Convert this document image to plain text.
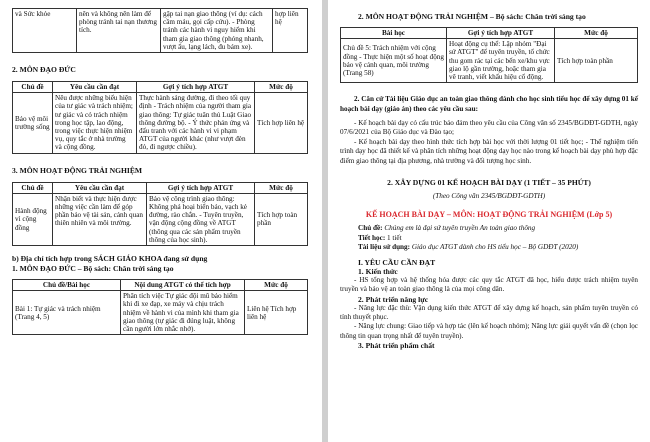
và Sức khỏe	nên và không nên làm để phòng tránh tai nạn thương tích.	gặp tai nạn giao thông (ví dụ: cách cầm máu, gọi cấp cứu). - Phòng tránh các hành vi nguy hiểm khi tham gia giao thông (phóng nhanh, vượt ẩu, lạng lách, đu bám xe).	hợp liên hệ
2. MÔN ĐẠO ĐỨC
Chủ đề	Yêu cầu cần đạt	Gợi ý tích hợp ATGT	Mức độ
Bảo vệ môi trường sống	Nêu được những biểu hiện của tư giác và trách nhiệm; tư giác và có trách nhiệm trong học tập, lao động, trong việc thực hiện nhiệm vụ, quy tắc ở nhà trường và cộng đồng.	Thực hành sáng đường, đi theo tối quy định - Trách nhiệm của người tham gia giao thông: Tự giác tuân thủ Luật Giao thông đường bộ. - Ý thức phản ứng và đấu tranh với các hành vi vi phạm ATGT của người khác (như vượt đèn đỏ, đi ngược chiều).	Tích hợp liên hệ
3. MÔN HOẠT ĐỘNG TRẢI NGHIỆM
Chủ đề	Yêu cầu cần đạt	Gợi ý tích hợp ATGT	Mức độ
Hành động vì cộng đồng	Nhận biết và thực hiện được những việc cần làm để góp phần bảo vệ tài sản, cảnh quan thiên nhiên và môi trường.	Bảo vệ công trình giao thông: Không phá hoại biển báo, vạch kẻ đường, rào chắn. - Tuyên truyền, vận động cộng đồng về ATGT (thông qua các sản phẩm truyền thông của học sinh).	Tích hợp toàn phần
b) Địa chỉ tích hợp trong SÁCH GIÁO KHOA đang sử dụng
1. MÔN ĐẠO ĐỨC – Bộ sách: Chân trời sáng tạo
Chủ đề/Bài học	Nội dung ATGT có thể tích hợp	Mức độ
Bài 1: Tự giác và trách nhiệm (Trang 4, 5)	Phân tích việc Tự giác đội mũ bảo hiểm khi đi xe đạp, xe máy và chịu trách nhiệm về hành vi của mình khi tham gia giao thông (tự giác đi đúng luật, không cần người lớn nhắc nhở).	Liên hệ Tích hợp liên hệ
2. MÔN HOẠT ĐỘNG TRẢI NGHIỆM – Bộ sách: Chân trời sáng tạo
Bài học	Gợi ý tích hợp ATGT	Mức độ
Chủ đề 5: Trách nhiệm với cộng đồng - Thực hiện một số hoạt động bảo vệ cảnh quan, môi trường (Trang 58)	Hoạt động cụ thể: Lập nhóm "Đại sứ ATGT" để tuyên truyền, tổ chức thu gom rác tại các bến xe/khu vực giao lộ gần trường, hoặc tham gia vẽ tranh, viết khẩu hiệu cổ động.	Tích hợp toàn phần
2. Căn cứ Tài liệu Giáo dục an toàn giao thông dành cho học sinh tiểu học để xây dựng 01 kế hoạch bài dạy (giáo án) theo các yêu cầu sau:
- Kế hoạch bài dạy có cấu trúc bảo đảm theo yêu cầu của Công văn số 2345/BGDĐT-GDTH, ngày 07/6/2021 của Bộ Giáo dục và Đào tạo;
- Kế hoạch bài dạy theo hình thức tích hợp bài học với thời lượng 01 tiết học; - Thể nghiệm tiến trình dạy học đã thiết kế và phân tích những hoạt động dạy học nào trong kế hoạch bài dạy phù hợp đặc điểm giao thông tại địa phương, nhà trường và đối tượng học sinh.
2. XÂY DỰNG 01 KẾ HOẠCH BÀI DẠY (1 TIẾT – 35 PHÚT)
(Theo Công văn 2345/BGDĐT-GDTH)
KẾ HOẠCH BÀI DẠY – MÔN: HOẠT ĐỘNG TRẢI NGHIỆM (Lớp 5)
Chủ đề: Chúng em là đại sứ tuyên truyền An toàn giao thông
Tiết học: 1 tiết
Tài liệu sử dụng: Giáo dục ATGT dành cho HS tiểu học – Bộ GDĐT (2020)
I. YÊU CẦU CẦN ĐẠT
1. Kiến thức
- HS tổng hợp và hệ thống hóa được các quy tắc ATGT đã học, hiểu được trách nhiệm tuyên truyền và bảo vệ an toàn giao thông là của mọi công dân.
2. Phát triển năng lực
- Năng lực đặc thù: Vận dụng kiến thức ATGT để xây dựng kế hoạch, sản phẩm tuyên truyền có tính thuyết phục.
- Năng lực chung: Giao tiếp và hợp tác (lên kế hoạch nhóm); Năng lực giải quyết vấn đề (chọn lọc thông tin quan trọng nhất để tuyên truyền).
3. Phát triển phẩm chất
